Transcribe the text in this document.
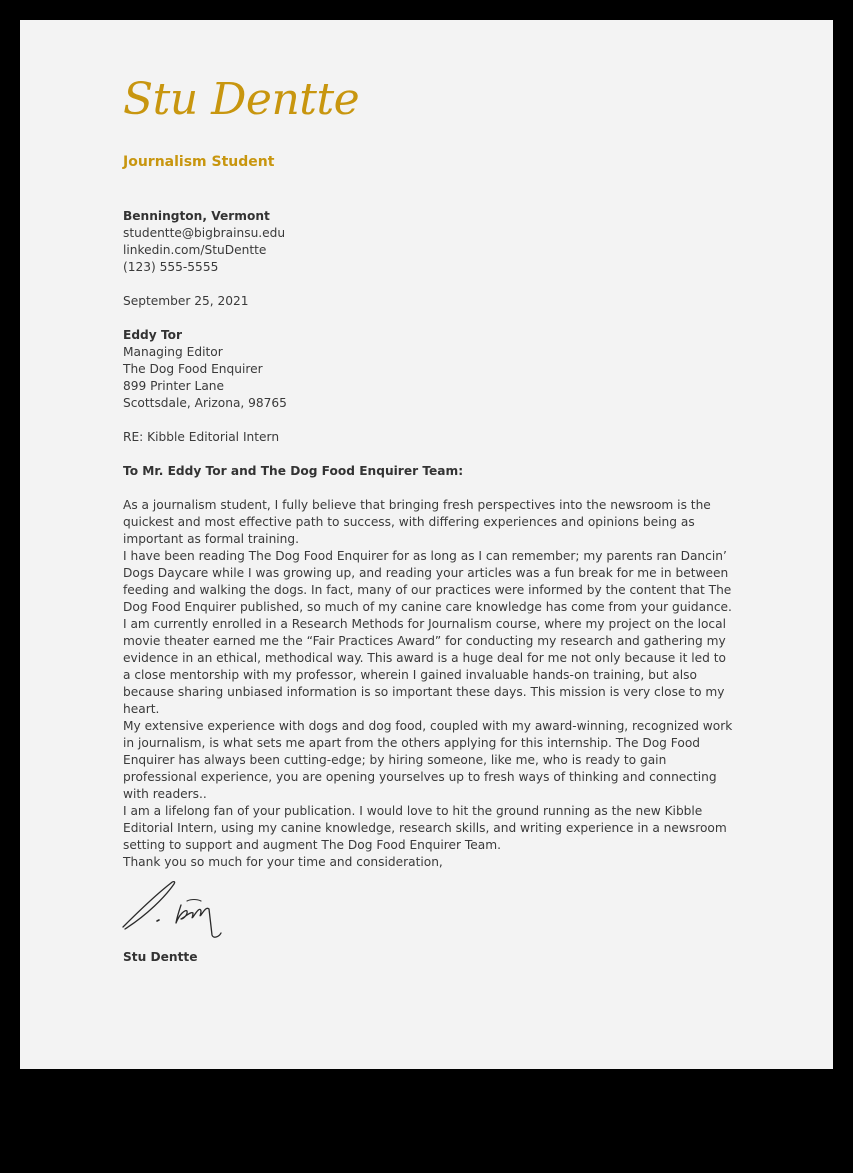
Stu Dentte
Journalism Student
Bennington, Vermont
studentte@bigbrainsu.edu
linkedin.com/StuDentte
(123) 555-5555
September 25, 2021
Eddy Tor
Managing Editor
The Dog Food Enquirer
899 Printer Lane
Scottsdale, Arizona, 98765
RE: Kibble Editorial Intern
To Mr. Eddy Tor and The Dog Food Enquirer Team:

As a journalism student, I fully believe that bringing fresh perspectives into the newsroom is the quickest and most effective path to success, with differing experiences and opinions being as important as formal training.

I have been reading The Dog Food Enquirer for as long as I can remember; my parents ran Dancin’ Dogs Daycare while I was growing up, and reading your articles was a fun break for me in between feeding and walking the dogs. In fact, many of our practices were informed by the content that The Dog Food Enquirer published, so much of my canine care knowledge has come from your guidance.

I am currently enrolled in a Research Methods for Journalism course, where my project on the local movie theater earned me the “Fair Practices Award” for conducting my research and gathering my evidence in an ethical, methodical way. This award is a huge deal for me not only because it led to a close mentorship with my professor, wherein I gained invaluable hands-on training, but also because sharing unbiased information is so important these days. This mission is very close to my heart.

My extensive experience with dogs and dog food, coupled with my award-winning, recognized work in journalism, is what sets me apart from the others applying for this internship. The Dog Food Enquirer has always been cutting-edge; by hiring someone, like me, who is ready to gain professional experience, you are opening yourselves up to fresh ways of thinking and connecting with readers..

I am a lifelong fan of your publication. I would love to hit the ground running as the new Kibble Editorial Intern, using my canine knowledge, research skills, and writing experience in a newsroom setting to support and augment The Dog Food Enquirer Team.

Thank you so much for your time and consideration,
Stu Dentte
